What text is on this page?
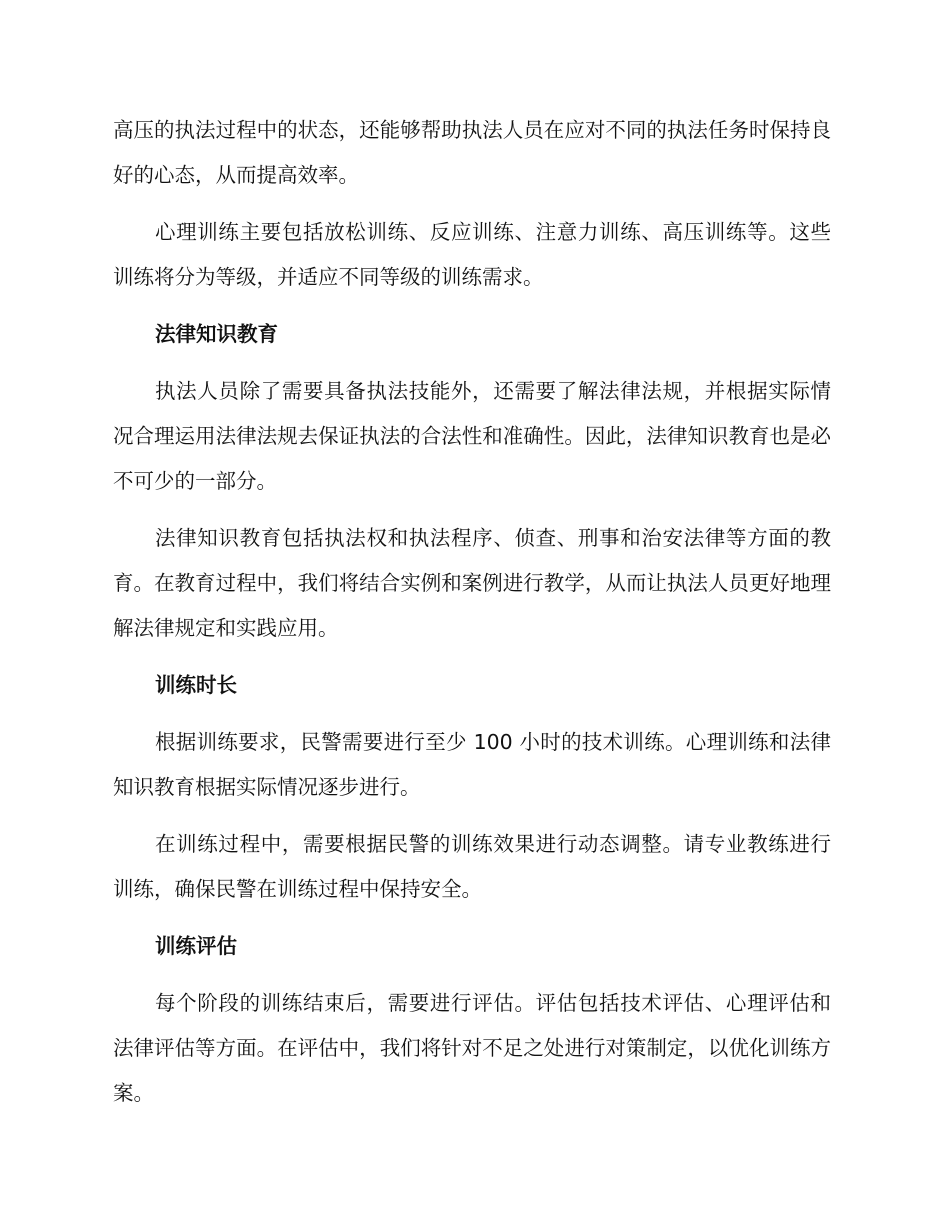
高压的执法过程中的状态，还能够帮助执法人员在应对不同的执法任务时保持良好的心态，从而提高效率。

心理训练主要包括放松训练、反应训练、注意力训练、高压训练等。这些训练将分为等级，并适应不同等级的训练需求。

法律知识教育

执法人员除了需要具备执法技能外，还需要了解法律法规，并根据实际情况合理运用法律法规去保证执法的合法性和准确性。因此，法律知识教育也是必不可少的一部分。

法律知识教育包括执法权和执法程序、侦查、刑事和治安法律等方面的教育。在教育过程中，我们将结合实例和案例进行教学，从而让执法人员更好地理解法律规定和实践应用。

训练时长

根据训练要求，民警需要进行至少 100 小时的技术训练。心理训练和法律知识教育根据实际情况逐步进行。

在训练过程中，需要根据民警的训练效果进行动态调整。请专业教练进行训练，确保民警在训练过程中保持安全。

训练评估

每个阶段的训练结束后，需要进行评估。评估包括技术评估、心理评估和法律评估等方面。在评估中，我们将针对不足之处进行对策制定，以优化训练方案。
